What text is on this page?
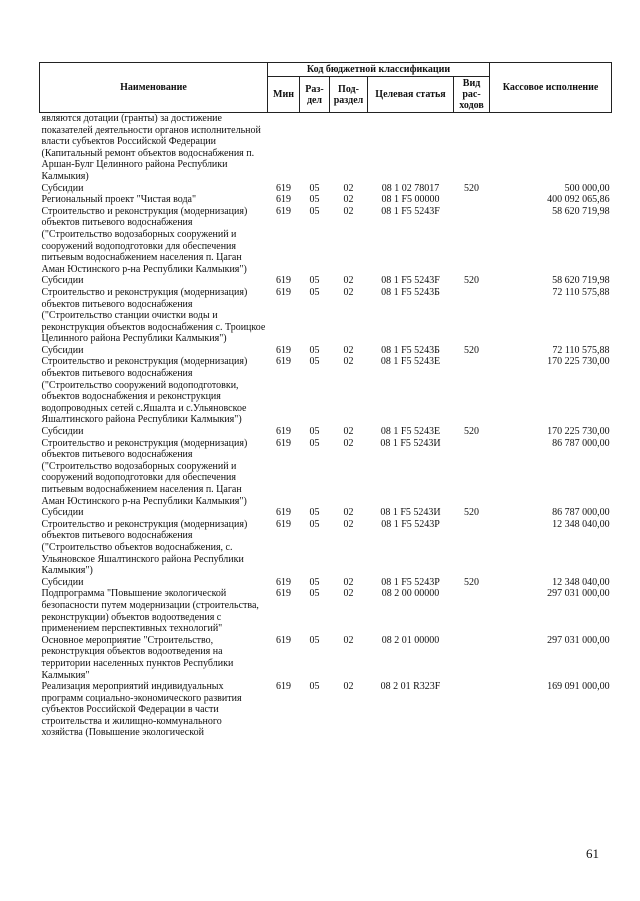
Наименование	Код бюджетной классификации					Кассовое исполнение
	Мин	Раз-дел	Под-раздел	Целевая статья	Вид рас-ходов	
являются дотации (гранты) за достижение показателей деятельности органов исполнительной власти субъектов Российской Федерации (Капитальный ремонт объектов водоснабжения п. Аршан-Булг Целинного района Республики Калмыкия)						
Субсидии	619	05	02	08 1 02 78017	520	500 000,00
Региональный проект "Чистая вода"	619	05	02	08 1 F5 00000		400 092 065,86
Строительство и реконструкция (модернизация) объектов питьевого водоснабжения ("Строительство водозаборных сооружений и сооружений водоподготовки для обеспечения питьевым водоснабжением населения п. Цаган Аман Юстинского р-на Республики Калмыкия")	619	05	02	08 1 F5 5243F		58 620 719,98
Субсидии	619	05	02	08 1 F5 5243F	520	58 620 719,98
Строительство и реконструкция (модернизация) объектов питьевого водоснабжения ("Строительство станции очистки воды и реконструкция объектов водоснабжения с. Троицкое Целинного района Республики Калмыкия")	619	05	02	08 1 F5 5243Б		72 110 575,88
Субсидии	619	05	02	08 1 F5 5243Б	520	72 110 575,88
Строительство и реконструкция (модернизация) объектов питьевого водоснабжения ("Строительство сооружений водоподготовки, объектов водоснабжения и реконструкция водопроводных сетей с.Яшалта и с.Ульяновское Яшалтинского района Республики Калмыкия")	619	05	02	08 1 F5 5243E		170 225 730,00
Субсидии	619	05	02	08 1 F5 5243E	520	170 225 730,00
Строительство и реконструкция (модернизация) объектов питьевого водоснабжения ("Строительство водозаборных сооружений и сооружений водоподготовки для обеспечения питьевым водоснабжением населения п. Цаган Аман Юстинского р-на Республики Калмыкия")	619	05	02	08 1 F5 5243И		86 787 000,00
Субсидии	619	05	02	08 1 F5 5243И	520	86 787 000,00
Строительство и реконструкция (модернизация) объектов питьевого водоснабжения ("Строительство объектов водоснабжения, с. Ульяновское Яшалтинского района Республики Калмыкия")	619	05	02	08 1 F5 5243P		12 348 040,00
Субсидии	619	05	02	08 1 F5 5243P	520	12 348 040,00
Подпрограмма "Повышение экологической безопасности путем модернизации (строительства, реконструкции) объектов водоотведения с применением перспективных технологий"	619	05	02	08 2 00 00000		297 031 000,00
Основное мероприятие "Строительство, реконструкция объектов водоотведения на территории населенных пунктов Республики Калмыкия"	619	05	02	08 2 01 00000		297 031 000,00
Реализация мероприятий индивидуальных программ социально-экономического развития субъектов Российской Федерации в части строительства и жилищно-коммунального хозяйства (Повышение экологической	619	05	02	08 2 01 R323F		169 091 000,00
61
